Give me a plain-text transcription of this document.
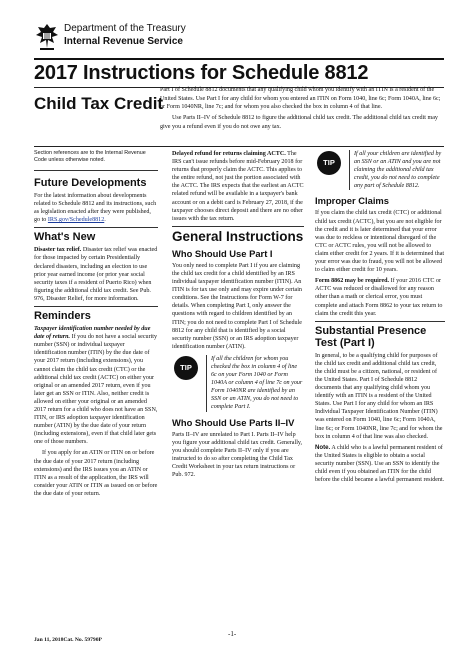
Department of the Treasury
Internal Revenue Service
2017 Instructions for Schedule 8812
Child Tax Credit

Part I of Schedule 8812 documents that any qualifying child whom you identify with an ITIN is a resident of the United States. Use Part I for any child for whom you entered an ITIN on Form 1040, line 6c; Form 1040A, line 6c; or Form 1040NR, line 7c; and for whom you also checked the box in column 4 of that line.

Use Parts II–IV of Schedule 8812 to figure the additional child tax credit. The additional child tax credit may give you a refund even if you do not owe any tax.

Section references are to the Internal Revenue Code unless otherwise noted.
Future Developments

For the latest information about developments related to Schedule 8812 and its instructions, such as legislation enacted after they were published, go to IRS.gov/Schedule8812.

What's New

Disaster tax relief. Disaster tax relief was enacted for those impacted by certain Presidentially declared disasters, including an election to use prior year earned income (or prior year social security taxes if a resident of Puerto Rico) when figuring the additional child tax credit. See Pub. 976, Disaster Relief, for more information.

Reminders

Taxpayer identification number needed by due date of return. If you do not have a social security number (SSN) or individual taxpayer identification number (ITIN) by the due date of your 2017 return (including extensions), you cannot claim the child tax credit (CTC) or the additional child tax credit (ACTC) on either your original or an amended 2017 return, even if you later get an SSN or ITIN. Also, neither credit is allowed on either your original or an amended 2017 return for a child who does not have an SSN, ITIN, or IRS adoption taxpayer identification number (ATIN) by the due date of your return (including extensions), even if that child later gets one of those numbers.

If you apply for an ATIN or ITIN on or before the due date of your 2017 return (including extensions) and the IRS issues you an ATIN or ITIN as a result of the application, the IRS will consider your ATIN or ITIN as issued on or before the due date of your return.

Delayed refund for returns claiming ACTC. The IRS can't issue refunds before mid-February 2018 for returns that properly claim the ACTC. This applies to the entire refund, not just the portion associated with the ACTC. The IRS expects that the earliest an ACTC related refund will be available in a taxpayer's bank account or on a debit card is February 27, 2018, if the taxpayer chooses direct deposit and there are no other issues with the tax return.

General Instructions
Who Should Use Part I

You only need to complete Part I if you are claiming the child tax credit for a child identified by an IRS individual taxpayer identification number (ITIN). An ITIN is for tax use only and may expire under certain conditions. See the Instructions for Form W-7 for details. When completing Part I, only answer the questions with regard to children identified by an ITIN; you do not need to complete Part I of Schedule 8812 for any child that is identified by a social security number (SSN) or an IRS adoption taxpayer identification number (ATIN).

TIP
If all the children for whom you checked the box in column 4 of line 6c on your Form 1040 or Form 1040A or column 4 of line 7c on your Form 1040NR are identified by an SSN or an ATIN, you do not need to complete Part I.
Who Should Use Parts II–IV

Parts II–IV are unrelated to Part I. Parts II–IV help you figure your additional child tax credit. Generally, you should complete Parts II–IV only if you are instructed to do so after completing the Child Tax Credit Worksheet in your tax return instructions or Pub. 972.

TIP
If all your children are identified by an SSN or an ATIN and you are not claiming the additional child tax credit, you do not need to complete any part of Schedule 8812.
Improper Claims

If you claim the child tax credit (CTC) or additional child tax credit (ACTC), but you are not eligible for the credit and it is later determined that your error was due to reckless or intentional disregard of the CTC or ACTC rules, you will not be allowed to claim either credit for 2 years. If it is determined that your error was due to fraud, you will not be allowed to claim either credit for 10 years.

Form 8862 may be required. If your 2016 CTC or ACTC was reduced or disallowed for any reason other than a math or clerical error, you must complete and attach Form 8862 to your tax return to claim the credit this year.

Substantial Presence Test (Part I)

In general, to be a qualifying child for purposes of the child tax credit and additional child tax credit, the child must be a citizen, national, or resident of the United States. Part I of Schedule 8812 documents that any qualifying child whom you identify with an ITIN is a resident of the United States. Use Part I for any child for whom an IRS Individual Taxpayer Identification Number (ITIN) was entered on Form 1040, line 6c; Form 1040A, line 6c; or Form 1040NR, line 7c; and for whom the box in column 4 of that line was also checked.

Note. A child who is a lawful permanent resident of the United States is eligible to obtain a social security number (SSN). Use an SSN to identify the child even if you obtained an ITIN for the child before the child became a lawful permanent resident.

-1-
Jan 11, 2018Cat. No. 59790P
